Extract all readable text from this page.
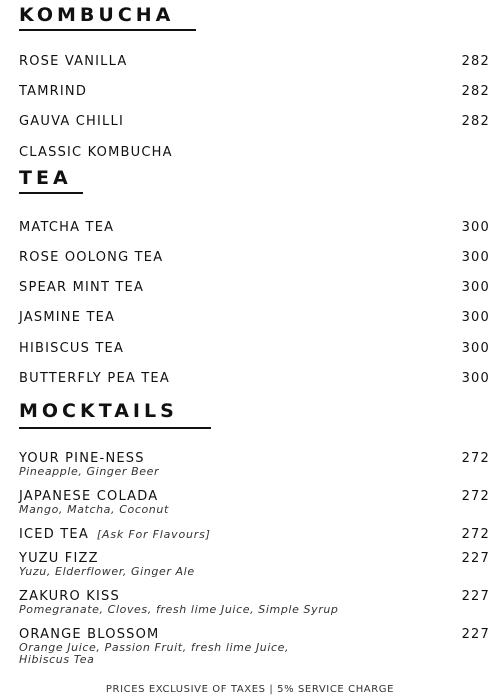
KOMBUCHA
ROSE VANILLA	282
TAMRIND	282
GAUVA CHILLI	282
CLASSIC KOMBUCHA
TEA
MATCHA TEA	300
ROSE OOLONG TEA	300
SPEAR MINT TEA	300
JASMINE TEA	300
HIBISCUS TEA	300
BUTTERFLY PEA TEA	300
MOCKTAILS
YOUR PINE-NESS	272
Pineapple, Ginger Beer
JAPANESE COLADA	272
Mango, Matcha, Coconut
ICED TEA [Ask For Flavours]	272
YUZU FIZZ	227
Yuzu, Elderflower, Ginger Ale
ZAKURO KISS	227
Pomegranate, Cloves, fresh lime Juice, Simple Syrup
ORANGE BLOSSOM	227
Orange Juice, Passion Fruit, fresh lime Juice, Hibiscus Tea
PRICES EXCLUSIVE OF TAXES | 5% SERVICE CHARGE
